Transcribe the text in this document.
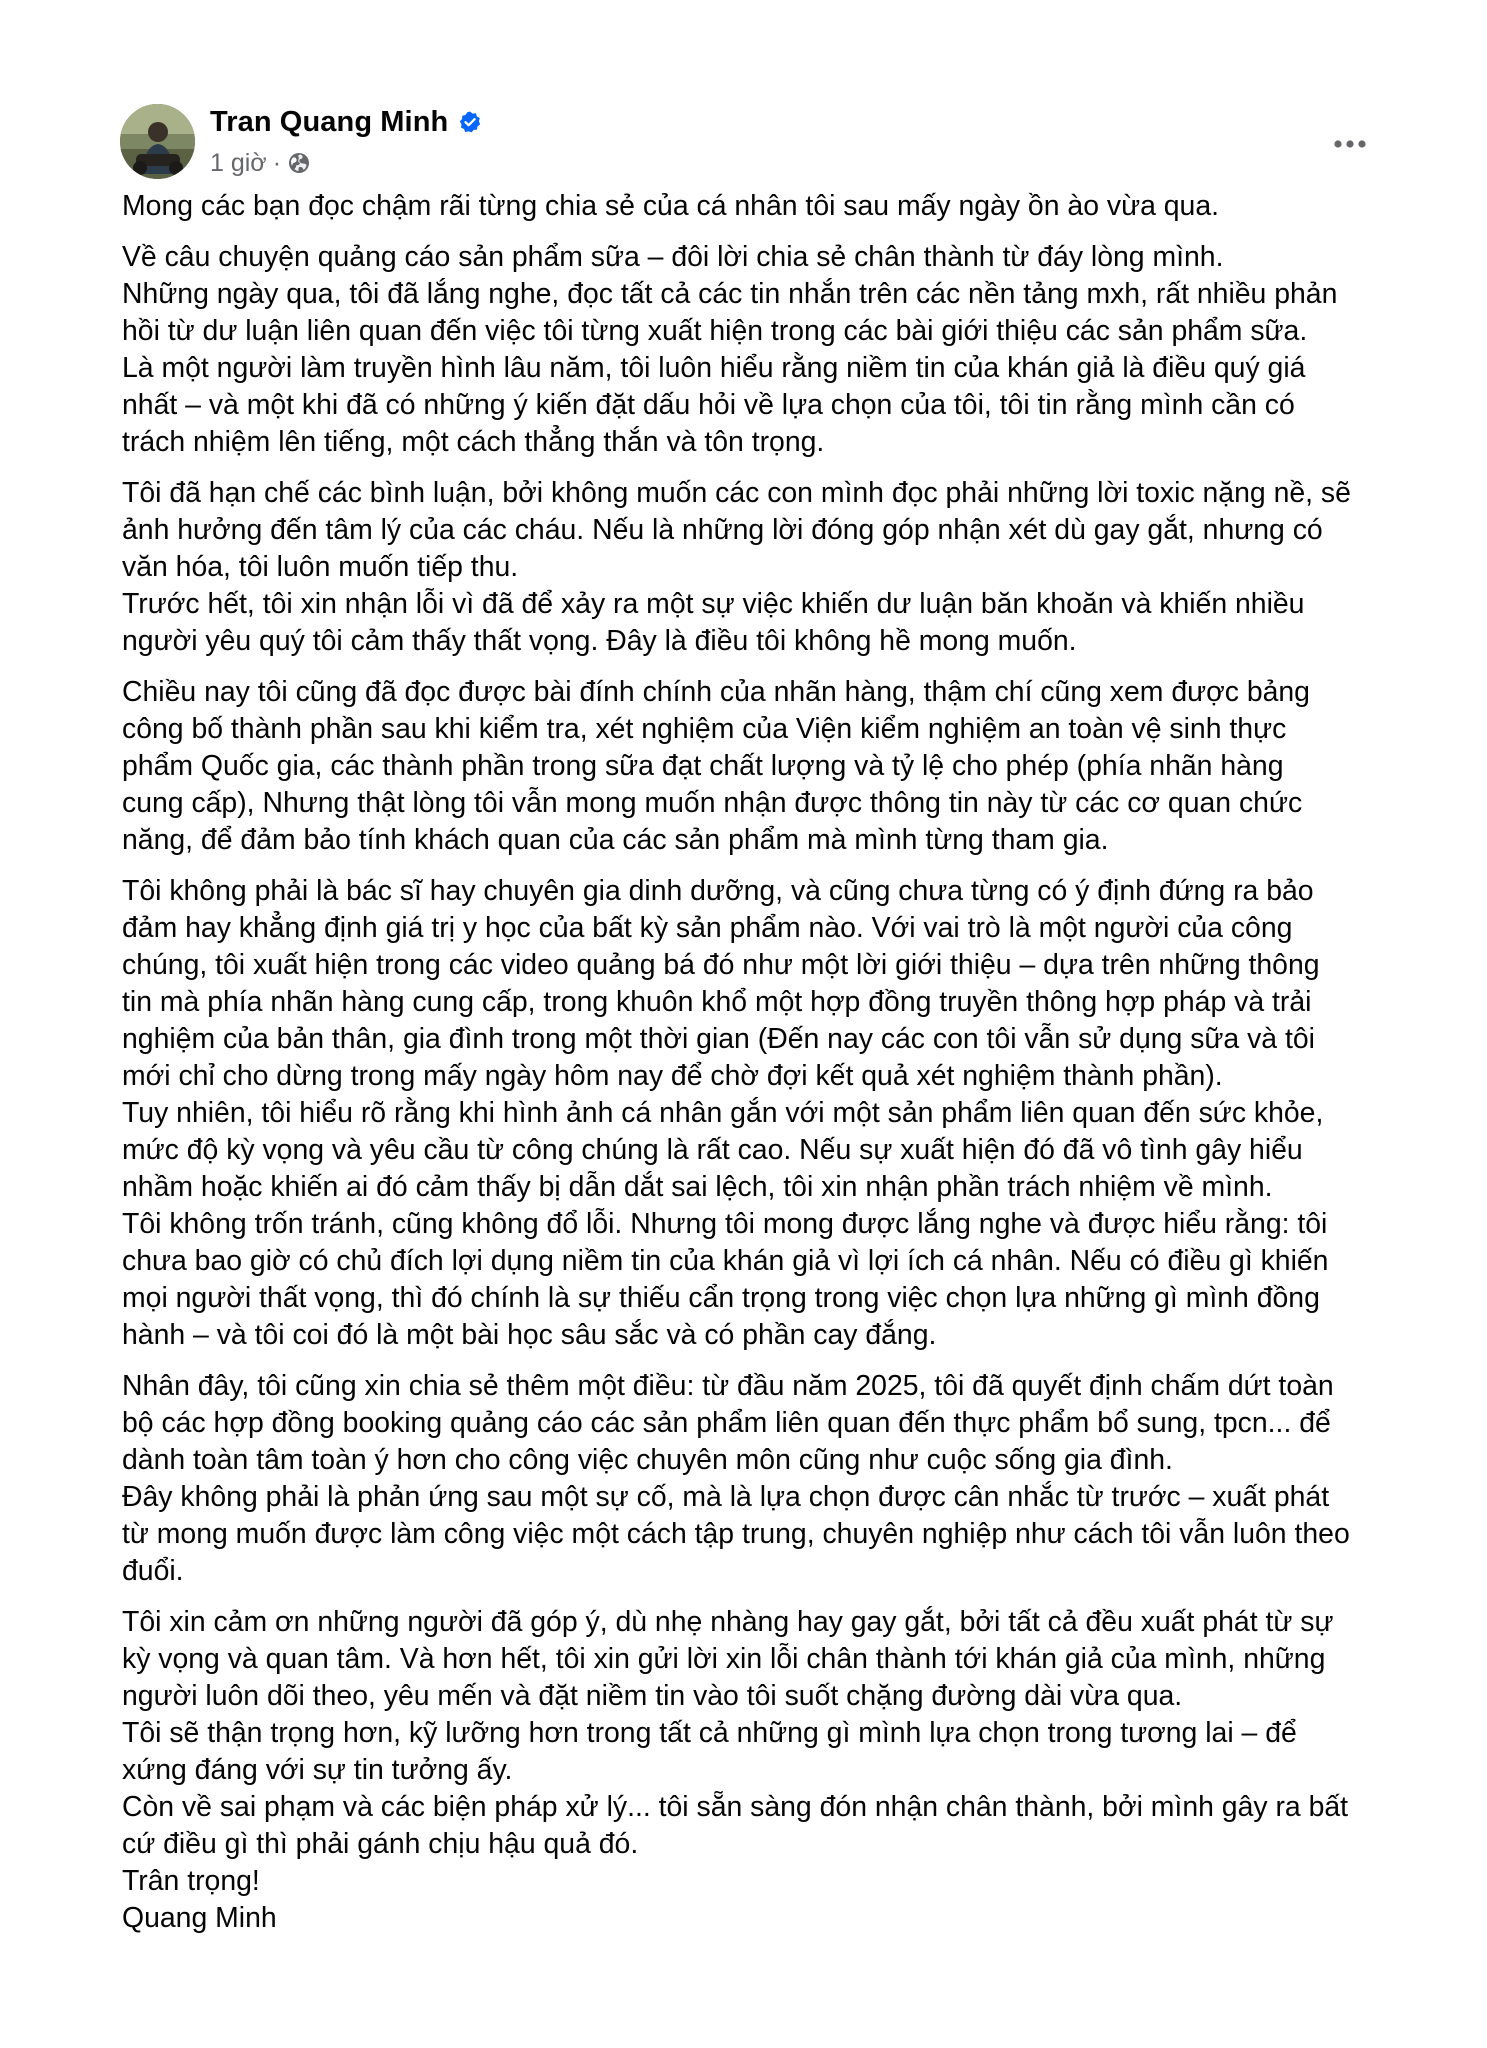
Tran Quang Minh
1 giờ ·

Mong các bạn đọc chậm rãi từng chia sẻ của cá nhân tôi sau mấy ngày ồn ào vừa qua.

Về câu chuyện quảng cáo sản phẩm sữa – đôi lời chia sẻ chân thành từ đáy lòng mình.
Những ngày qua, tôi đã lắng nghe, đọc tất cả các tin nhắn trên các nền tảng mxh, rất nhiều phản hồi từ dư luận liên quan đến việc tôi từng xuất hiện trong các bài giới thiệu các sản phẩm sữa.
Là một người làm truyền hình lâu năm, tôi luôn hiểu rằng niềm tin của khán giả là điều quý giá nhất – và một khi đã có những ý kiến đặt dấu hỏi về lựa chọn của tôi, tôi tin rằng mình cần có trách nhiệm lên tiếng, một cách thẳng thắn và tôn trọng.

Tôi đã hạn chế các bình luận, bởi không muốn các con mình đọc phải những lời toxic nặng nề, sẽ ảnh hưởng đến tâm lý của các cháu. Nếu là những lời đóng góp nhận xét dù gay gắt, nhưng có văn hóa, tôi luôn muốn tiếp thu.
Trước hết, tôi xin nhận lỗi vì đã để xảy ra một sự việc khiến dư luận băn khoăn và khiến nhiều người yêu quý tôi cảm thấy thất vọng. Đây là điều tôi không hề mong muốn.

Chiều nay tôi cũng đã đọc được bài đính chính của nhãn hàng, thậm chí cũng xem được bảng công bố thành phần sau khi kiểm tra, xét nghiệm của Viện kiểm nghiệm an toàn vệ sinh thực phẩm Quốc gia, các thành phần trong sữa đạt chất lượng và tỷ lệ cho phép (phía nhãn hàng cung cấp), Nhưng thật lòng tôi vẫn mong muốn nhận được thông tin này từ các cơ quan chức năng, để đảm bảo tính khách quan của các sản phẩm mà mình từng tham gia.

Tôi không phải là bác sĩ hay chuyên gia dinh dưỡng, và cũng chưa từng có ý định đứng ra bảo đảm hay khẳng định giá trị y học của bất kỳ sản phẩm nào. Với vai trò là một người của công chúng, tôi xuất hiện trong các video quảng bá đó như một lời giới thiệu – dựa trên những thông tin mà phía nhãn hàng cung cấp, trong khuôn khổ một hợp đồng truyền thông hợp pháp và trải nghiệm của bản thân, gia đình trong một thời gian (Đến nay các con tôi vẫn sử dụng sữa và tôi mới chỉ cho dừng trong mấy ngày hôm nay để chờ đợi kết quả xét nghiệm thành phần).
Tuy nhiên, tôi hiểu rõ rằng khi hình ảnh cá nhân gắn với một sản phẩm liên quan đến sức khỏe, mức độ kỳ vọng và yêu cầu từ công chúng là rất cao. Nếu sự xuất hiện đó đã vô tình gây hiểu nhầm hoặc khiến ai đó cảm thấy bị dẫn dắt sai lệch, tôi xin nhận phần trách nhiệm về mình.
Tôi không trốn tránh, cũng không đổ lỗi. Nhưng tôi mong được lắng nghe và được hiểu rằng: tôi chưa bao giờ có chủ đích lợi dụng niềm tin của khán giả vì lợi ích cá nhân. Nếu có điều gì khiến mọi người thất vọng, thì đó chính là sự thiếu cẩn trọng trong việc chọn lựa những gì mình đồng hành – và tôi coi đó là một bài học sâu sắc và có phần cay đắng.

Nhân đây, tôi cũng xin chia sẻ thêm một điều: từ đầu năm 2025, tôi đã quyết định chấm dứt toàn bộ các hợp đồng booking quảng cáo các sản phẩm liên quan đến thực phẩm bổ sung, tpcn... để dành toàn tâm toàn ý hơn cho công việc chuyên môn cũng như cuộc sống gia đình.
Đây không phải là phản ứng sau một sự cố, mà là lựa chọn được cân nhắc từ trước – xuất phát từ mong muốn được làm công việc một cách tập trung, chuyên nghiệp như cách tôi vẫn luôn theo đuổi.

Tôi xin cảm ơn những người đã góp ý, dù nhẹ nhàng hay gay gắt, bởi tất cả đều xuất phát từ sự kỳ vọng và quan tâm. Và hơn hết, tôi xin gửi lời xin lỗi chân thành tới khán giả của mình, những người luôn dõi theo, yêu mến và đặt niềm tin vào tôi suốt chặng đường dài vừa qua.
Tôi sẽ thận trọng hơn, kỹ lưỡng hơn trong tất cả những gì mình lựa chọn trong tương lai – để xứng đáng với sự tin tưởng ấy.
Còn về sai phạm và các biện pháp xử lý... tôi sẵn sàng đón nhận chân thành, bởi mình gây ra bất cứ điều gì thì phải gánh chịu hậu quả đó.
Trân trọng!
Quang Minh
